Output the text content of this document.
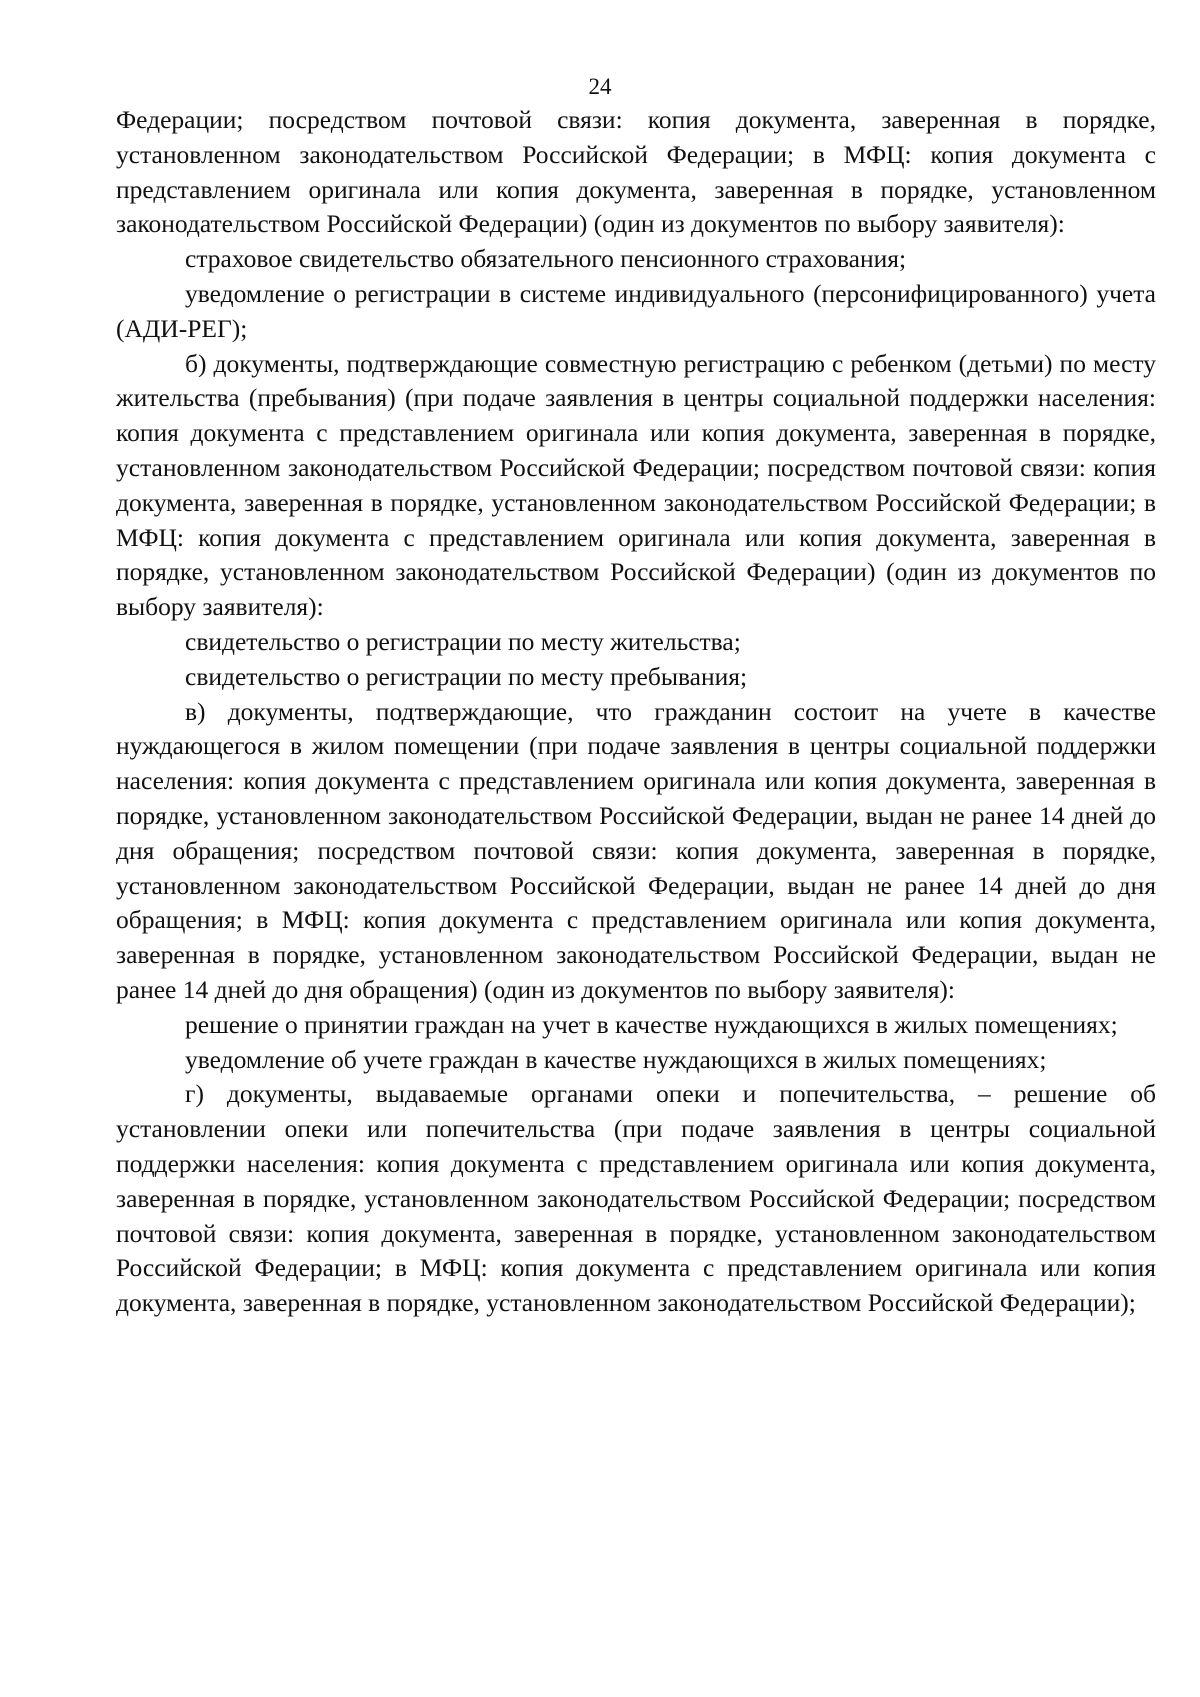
24

Федерации; посредством почтовой связи: копия документа, заверенная в порядке, установленном законодательством Российской Федерации; в МФЦ: копия документа с представлением оригинала или копия документа, заверенная в порядке, установленном законодательством Российской Федерации) (один из документов по выбору заявителя):

страховое свидетельство обязательного пенсионного страхования;

уведомление о регистрации в системе индивидуального (персонифицированного) учета (АДИ-РЕГ);

б) документы, подтверждающие совместную регистрацию с ребенком (детьми) по месту жительства (пребывания) (при подаче заявления в центры социальной поддержки населения: копия документа с представлением оригинала или копия документа, заверенная в порядке, установленном законодательством Российской Федерации; посредством почтовой связи: копия документа, заверенная в порядке, установленном законодательством Российской Федерации; в МФЦ: копия документа с представлением оригинала или копия документа, заверенная в порядке, установленном законодательством Российской Федерации) (один из документов по выбору заявителя):

свидетельство о регистрации по месту жительства;

свидетельство о регистрации по месту пребывания;

в) документы, подтверждающие, что гражданин состоит на учете в качестве нуждающегося в жилом помещении (при подаче заявления в центры социальной поддержки населения: копия документа с представлением оригинала или копия документа, заверенная в порядке, установленном законодательством Российской Федерации, выдан не ранее 14 дней до дня обращения; посредством почтовой связи: копия документа, заверенная в порядке, установленном законодательством Российской Федерации, выдан не ранее 14 дней до дня обращения; в МФЦ: копия документа с представлением оригинала или копия документа, заверенная в порядке, установленном законодательством Российской Федерации, выдан не ранее 14 дней до дня обращения) (один из документов по выбору заявителя):

решение о принятии граждан на учет в качестве нуждающихся в жилых помещениях;

уведомление об учете граждан в качестве нуждающихся в жилых помещениях;

г) документы, выдаваемые органами опеки и попечительства, – решение об установлении опеки или попечительства (при подаче заявления в центры социальной поддержки населения: копия документа с представлением оригинала или копия документа, заверенная в порядке, установленном законодательством Российской Федерации; посредством почтовой связи: копия документа, заверенная в порядке, установленном законодательством Российской Федерации; в МФЦ: копия документа с представлением оригинала или копия документа, заверенная в порядке, установленном законодательством Российской Федерации);
